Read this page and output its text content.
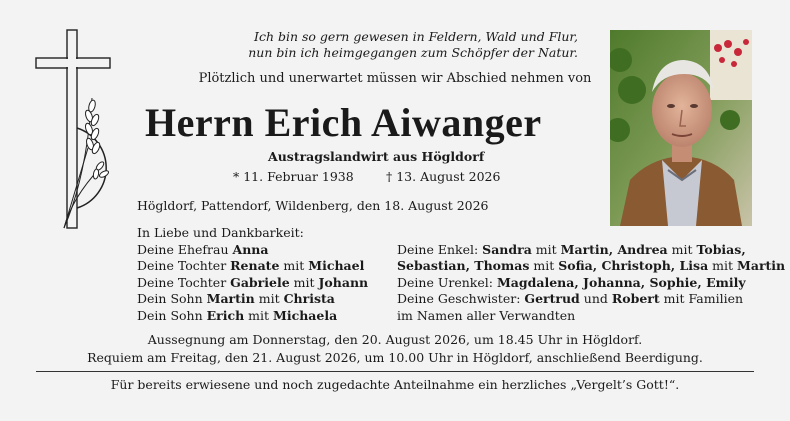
Ich bin so gern gewesen in Feldern, Wald und Flur,
nun bin ich heimgegangen zum Schöpfer der Natur.
Plötzlich und unerwartet müssen wir Abschied nehmen von
Herrn Erich Aiwanger
Austragslandwirt aus Högldorf
* 11. Februar 1938	† 13. August 2026
Högldorf, Pattendorf, Wildenberg, den 18. August 2026
In Liebe und Dankbarkeit:
Deine Ehefrau Anna
Deine Tochter Renate mit Michael
Deine Tochter Gabriele mit Johann
Dein Sohn Martin mit Christa
Dein Sohn Erich mit Michaela
Deine Enkel: Sandra mit Martin, Andrea mit Tobias,
Sebastian, Thomas mit Sofia, Christoph, Lisa mit Martin
Deine Urenkel: Magdalena, Johanna, Sophie, Emily
Deine Geschwister: Gertrud und Robert mit Familien
im Namen aller Verwandten
Aussegnung am Donnerstag, den 20. August 2026, um 18.45 Uhr in Högldorf.
Requiem am Freitag, den 21. August 2026, um 10.00 Uhr in Högldorf, anschließend Beerdigung.
Für bereits erwiesene und noch zugedachte Anteilnahme ein herzliches „Vergelt’s Gott!“.
